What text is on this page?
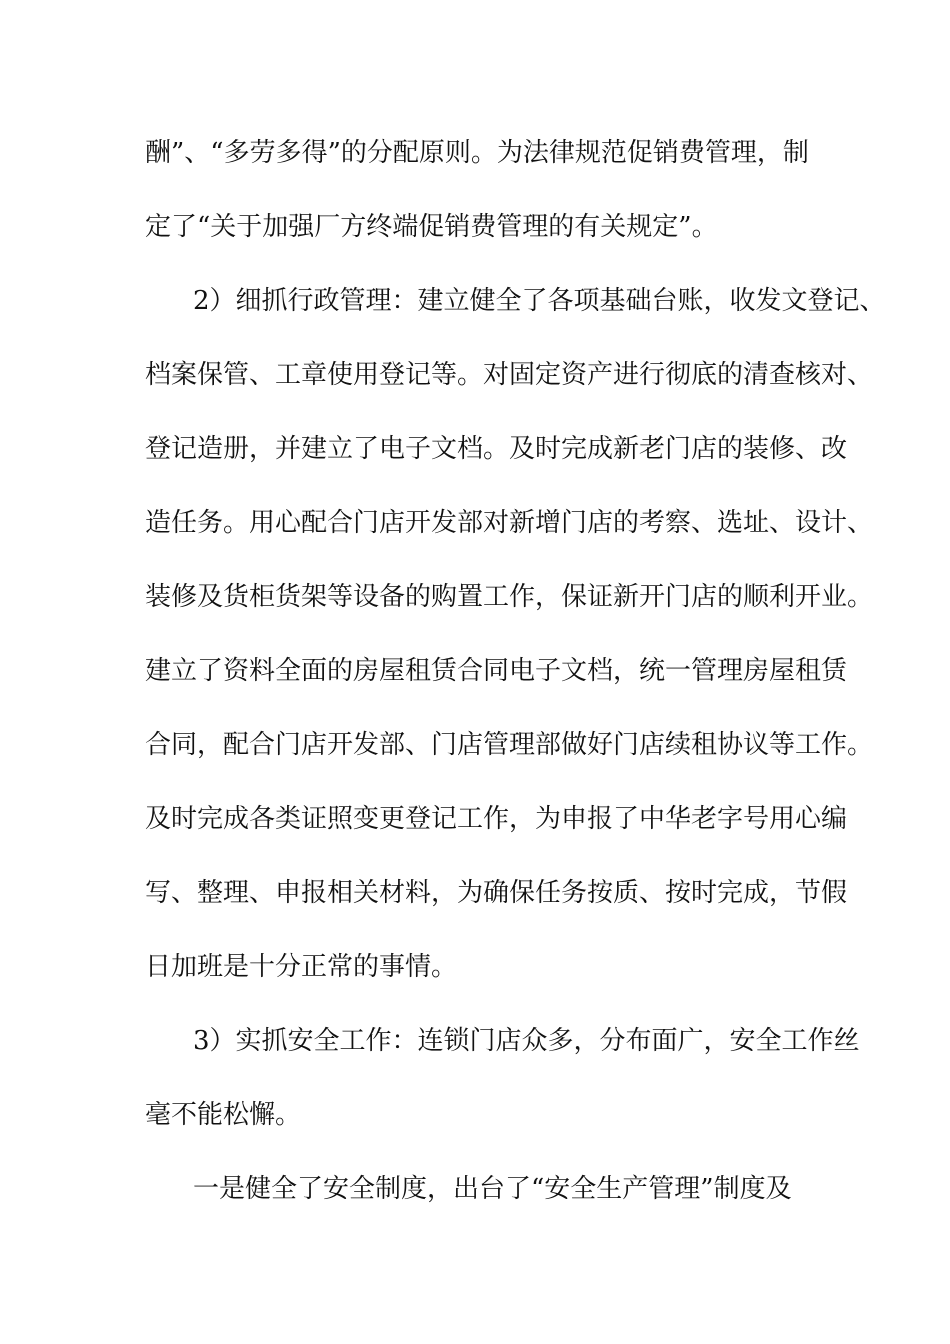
酬”、“多劳多得”的分配原则。为法律规范促销费管理，制
定了“关于加强厂方终端促销费管理的有关规定”。
2）细抓行政管理：建立健全了各项基础台账，收发文登记、
档案保管、工章使用登记等。对固定资产进行彻底的清查核对、
登记造册，并建立了电子文档。及时完成新老门店的装修、改
造任务。用心配合门店开发部对新增门店的考察、选址、设计、
装修及货柜货架等设备的购置工作，保证新开门店的顺利开业。
建立了资料全面的房屋租赁合同电子文档，统一管理房屋租赁
合同，配合门店开发部、门店管理部做好门店续租协议等工作。
及时完成各类证照变更登记工作，为申报了中华老字号用心编
写、整理、申报相关材料，为确保任务按质、按时完成，节假
日加班是十分正常的事情。
3）实抓安全工作：连锁门店众多，分布面广，安全工作丝
毫不能松懈。
一是健全了安全制度，出台了“安全生产管理”制度及
